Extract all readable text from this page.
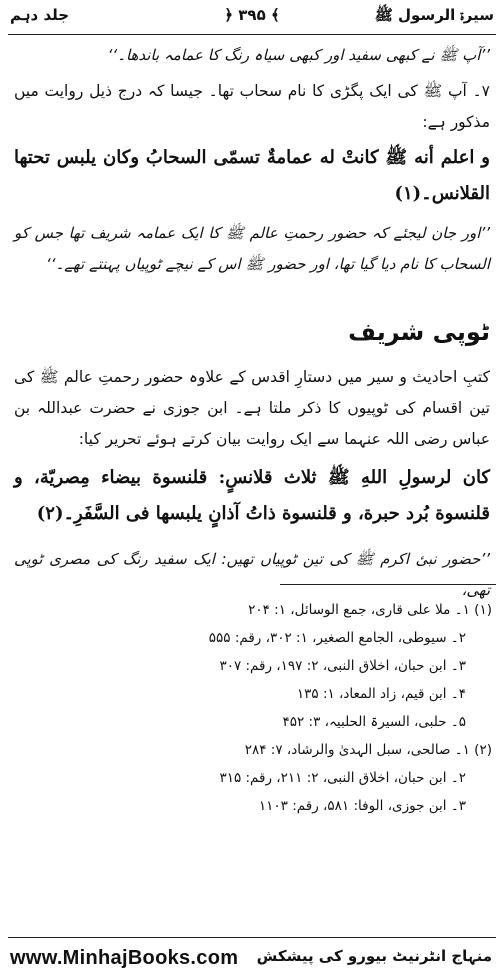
جلد دہم	﴿ ۳۹۵ ﴾	سیرۃ الرسول ﷺ
’’آپ ﷺ نے کبھی سفید اور کبھی سیاہ رنگ کا عمامہ باندھا۔‘‘
۷۔ آپ ﷺ کی ایک پگڑی کا نام سحاب تھا۔ جیسا کہ درج ذیل روایت میں مذکور ہے:
و اعلم أنه ﷺ كانتْ له عمامةٌ تسمّى السحابُ وكان يلبس تحتها القلانس۔(۱)
’’اور جان لیجئے کہ حضور رحمتِ عالم ﷺ کا ایک عمامہ شریف تھا جس کو السحاب کا نام دیا گیا تھا، اور حضور ﷺ اس کے نیچے ٹوپیاں پہنتے تھے۔‘‘
ٹوپی شریف
کتبِ احادیث و سیر میں دستارِ اقدس کے علاوہ حضور رحمتِ عالم ﷺ کی تین اقسام کی ٹوپیوں کا ذکر ملتا ہے۔ ابن جوزی نے حضرت عبداللہ بن عباس رضی اللہ عنہما سے ایک روایت بیان کرتے ہوئے تحریر کیا:
كان لرسولِ اللهِ ﷺ ثلاث قلانسٍ: قلنسوة بيضاء مِصريّة، و قلنسوة بُرد حبرة، و قلنسوة ذاتُ آذانٍ يلبسها فی السَّفَرِ۔(۲)
’’حضور نبیٔ اکرم ﷺ کی تین ٹوپیاں تھیں: ایک سفید رنگ کی مصری ٹوپی تھی،
(۱) ۱۔ ملا علی قاری، جمع الوسائل، ۱: ۲۰۴
۲۔ سیوطی، الجامع الصغیر، ۱: ۳۰۲، رقم: ۵۵۵
۳۔ ابن حبان، اخلاق النبی، ۲: ۱۹۷، رقم: ۳۰۷
۴۔ ابن قیم، زاد المعاد، ۱: ۱۳۵
۵۔ حلبی، السیرۃ الحلبیہ، ۳: ۴۵۲
(۲) ۱۔ صالحی، سبل الہدیٰ والرشاد، ۷: ۲۸۴
۲۔ ابن حبان، اخلاق النبی، ۲: ۲۱۱، رقم: ۳۱۵
۳۔ ابن جوزی، الوفا: ۵۸۱، رقم: ۱۱۰۳
www.MinhajBooks.com منہاج انٹرنیٹ بیورو کی پیشکش
